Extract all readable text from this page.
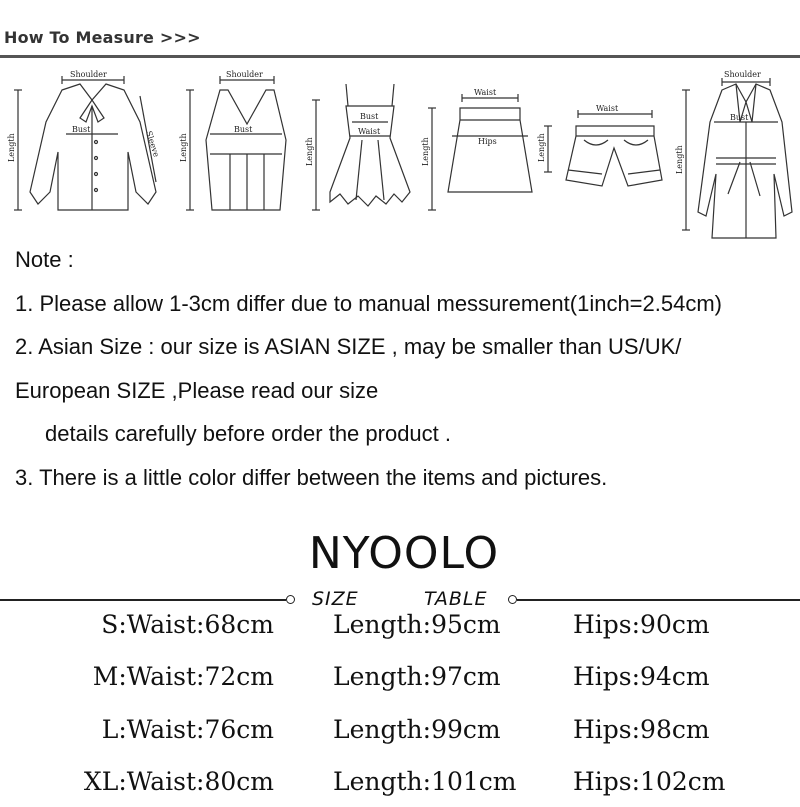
How To Measure >>>
Shoulder
Bust
Sleeve
Length
Shoulder
Bust
Length
Bust
Waist
Length
Waist
Hips
Length
Waist
Length
Shoulder
Bust
Length
Note :
1. Please allow 1-3cm differ due to manual messurement(1inch=2.54cm)
2. Asian Size : our size is ASIAN SIZE , may be smaller than US/UK/
European SIZE ,Please read our size
details carefully before order the product .
3. There is a little color differ between the items and pictures.
NYOOLO
SIZE	TABLE
S:Waist:68cm Length:95cm	Hips:90cm
M:Waist:72cm Length:97cm	Hips:94cm
L:Waist:76cm Length:99cm	Hips:98cm
XL:Waist:80cm Length:101cm Hips:102cm
